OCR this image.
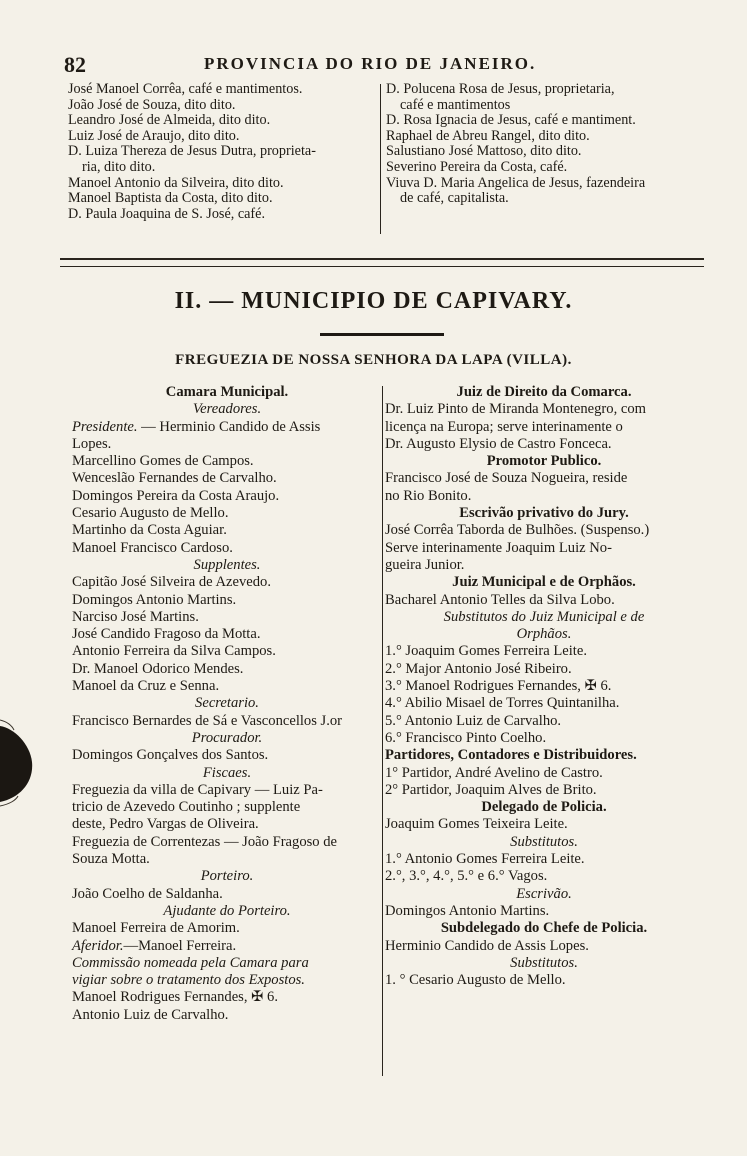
82	PROVINCIA DO RIO DE JANEIRO.
José Manoel Corrêa, café e mantimentos.
João José de Souza, dito dito.
Leandro José de Almeida, dito dito.
Luiz José de Araujo, dito dito.
D. Luiza Thereza de Jesus Dutra, proprieta-
ria, dito dito.
Manoel Antonio da Silveira, dito dito.
Manoel Baptista da Costa, dito dito.
D. Paula Joaquina de S. José, café.
D. Polucena Rosa de Jesus, proprietaria,
café e mantimentos
D. Rosa Ignacia de Jesus, café e mantiment.
Raphael de Abreu Rangel, dito dito.
Salustiano José Mattoso, dito dito.
Severino Pereira da Costa, café.
Viuva D. Maria Angelica de Jesus, fazendeira
de café, capitalista.
II. — MUNICIPIO DE CAPIVARY.
FREGUEZIA DE NOSSA SENHORA DA LAPA (VILLA).
Camara Municipal.
Vereadores.
Presidente. — Herminio Candido de Assis
Lopes.
Marcellino Gomes de Campos.
Wenceslão Fernandes de Carvalho.
Domingos Pereira da Costa Araujo.
Cesario Augusto de Mello.
Martinho da Costa Aguiar.
Manoel Francisco Cardoso.
Supplentes.
Capitão José Silveira de Azevedo.
Domingos Antonio Martins.
Narciso José Martins.
José Candido Fragoso da Motta.
Antonio Ferreira da Silva Campos.
Dr. Manoel Odorico Mendes.
Manoel da Cruz e Senna.
Secretario.
Francisco Bernardes de Sá e Vasconcellos J.or
Procurador.
Domingos Gonçalves dos Santos.
Fiscaes.
Freguezia da villa de Capivary — Luiz Pa-
tricio de Azevedo Coutinho ; supplente
deste, Pedro Vargas de Oliveira.
Freguezia de Correntezas — João Fragoso de
Souza Motta.
Porteiro.
João Coelho de Saldanha.
Ajudante do Porteiro.
Manoel Ferreira de Amorim.
Aferidor.—Manoel Ferreira.
Commissão nomeada pela Camara para
vigiar sobre o tratamento dos Expostos.
Manoel Rodrigues Fernandes, ✠ 6.
Antonio Luiz de Carvalho.
Juiz de Direito da Comarca.
Dr. Luiz Pinto de Miranda Montenegro, com
licença na Europa; serve interinamente o
Dr. Augusto Elysio de Castro Fonceca.
Promotor Publico.
Francisco José de Souza Nogueira, reside
no Rio Bonito.
Escrivão privativo do Jury.
José Corrêa Taborda de Bulhões. (Suspenso.)
Serve interinamente Joaquim Luiz No-
gueira Junior.
Juiz Municipal e de Orphãos.
Bacharel Antonio Telles da Silva Lobo.
Substitutos do Juiz Municipal e de
Orphãos.
1.° Joaquim Gomes Ferreira Leite.
2.° Major Antonio José Ribeiro.
3.° Manoel Rodrigues Fernandes, ✠ 6.
4.° Abilio Misael de Torres Quintanilha.
5.° Antonio Luiz de Carvalho.
6.° Francisco Pinto Coelho.
Partidores, Contadores e Distribuidores.
1° Partidor, André Avelino de Castro.
2° Partidor, Joaquim Alves de Brito.
Delegado de Policia.
Joaquim Gomes Teixeira Leite.
Substitutos.
1.° Antonio Gomes Ferreira Leite.
2.°, 3.°, 4.°, 5.° e 6.° Vagos.
Escrivão.
Domingos Antonio Martins.
Subdelegado do Chefe de Policia.
Herminio Candido de Assis Lopes.
Substitutos.
1. ° Cesario Augusto de Mello.
